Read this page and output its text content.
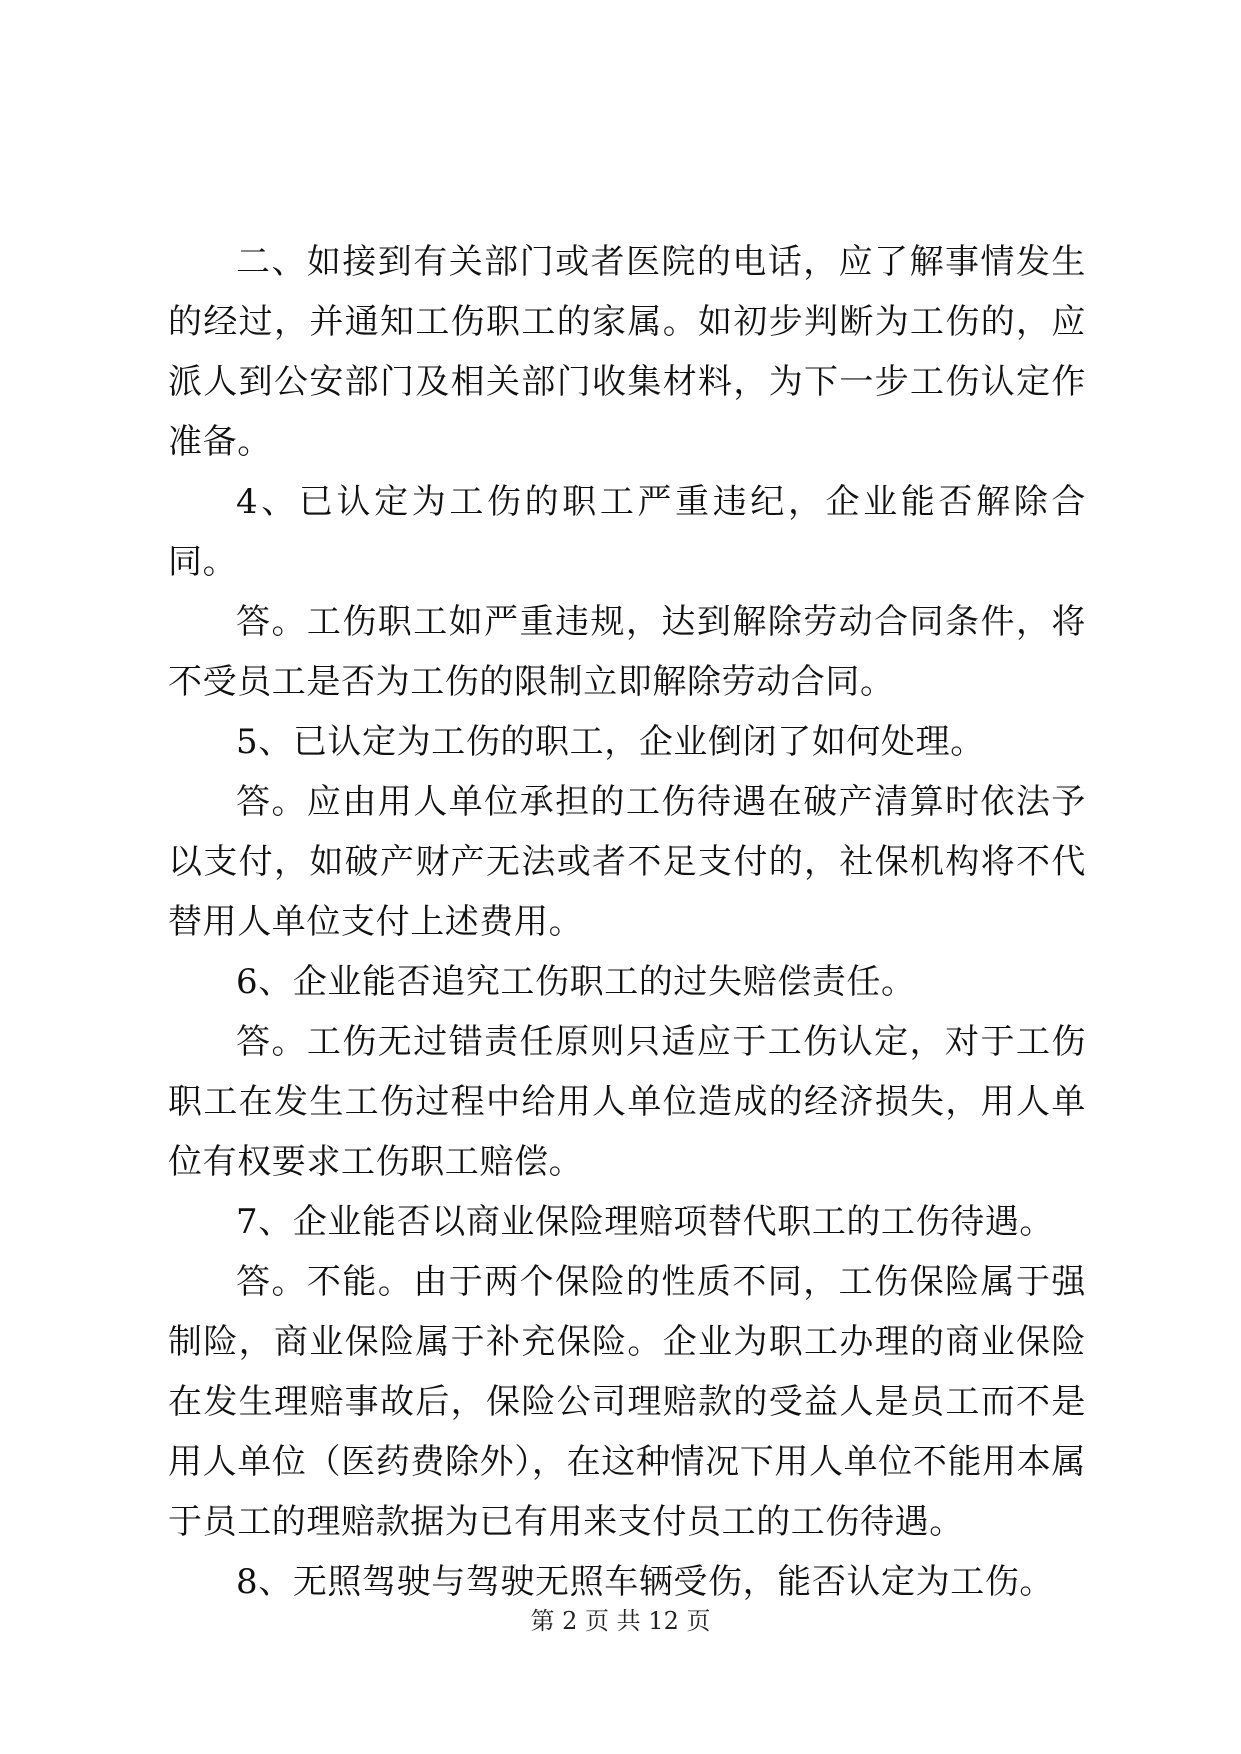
二、如接到有关部门或者医院的电话，应了解事情发生的经过，并通知工伤职工的家属。如初步判断为工伤的，应派人到公安部门及相关部门收集材料，为下一步工伤认定作准备。

4、已认定为工伤的职工严重违纪，企业能否解除合同。

答。工伤职工如严重违规，达到解除劳动合同条件，将不受员工是否为工伤的限制立即解除劳动合同。

5、已认定为工伤的职工，企业倒闭了如何处理。

答。应由用人单位承担的工伤待遇在破产清算时依法予以支付，如破产财产无法或者不足支付的，社保机构将不代替用人单位支付上述费用。

6、企业能否追究工伤职工的过失赔偿责任。

答。工伤无过错责任原则只适应于工伤认定，对于工伤职工在发生工伤过程中给用人单位造成的经济损失，用人单位有权要求工伤职工赔偿。

7、企业能否以商业保险理赔项替代职工的工伤待遇。

答。不能。由于两个保险的性质不同，工伤保险属于强制险，商业保险属于补充保险。企业为职工办理的商业保险在发生理赔事故后，保险公司理赔款的受益人是员工而不是用人单位（医药费除外），在这种情况下用人单位不能用本属于员工的理赔款据为已有用来支付员工的工伤待遇。

8、无照驾驶与驾驶无照车辆受伤，能否认定为工伤。

第 2 页 共 12 页
